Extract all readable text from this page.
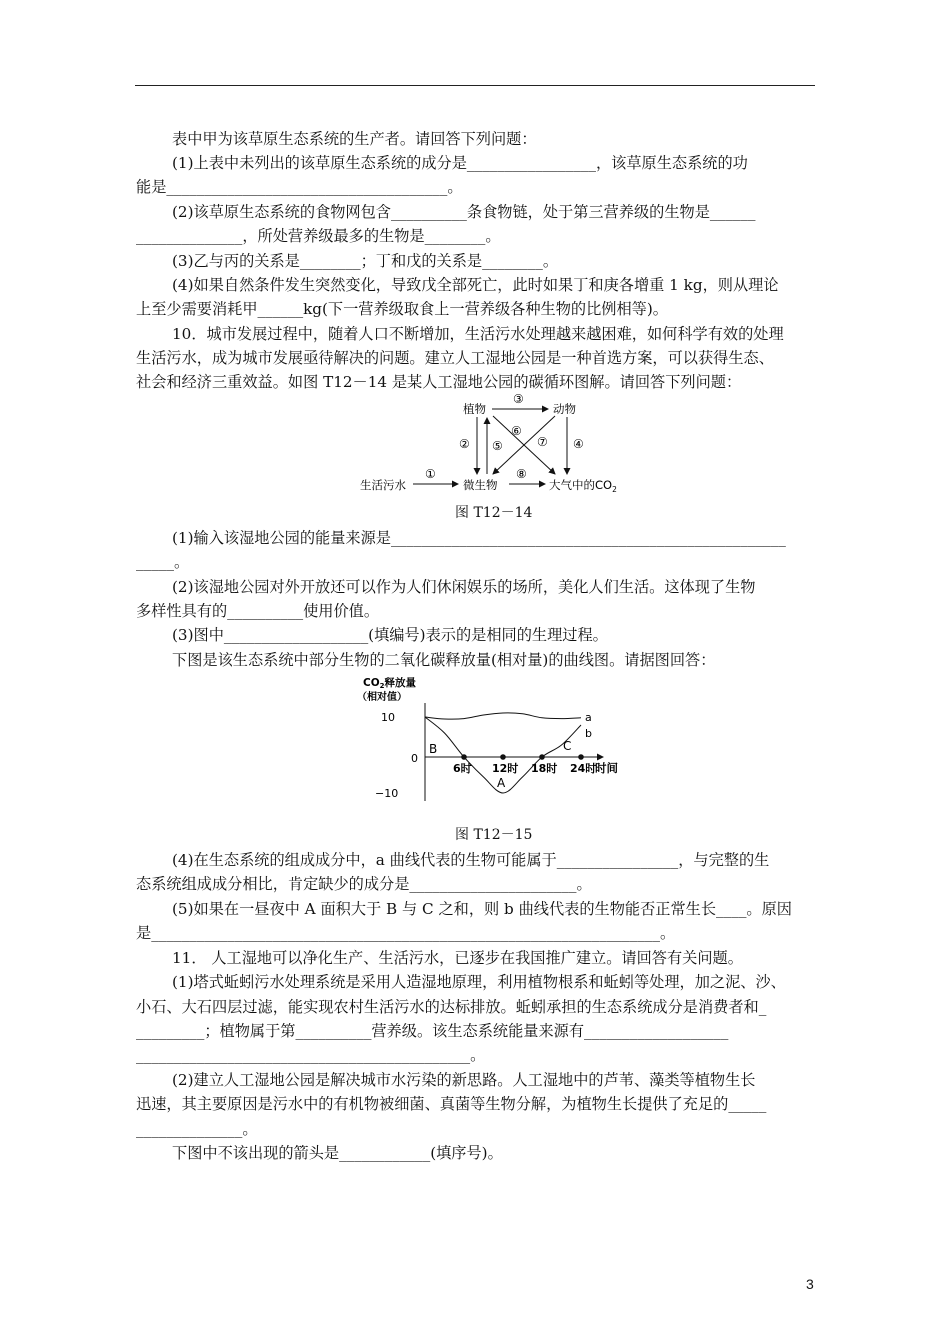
表中甲为该草原生态系统的生产者。请回答下列问题：
(1)上表中未列出的该草原生态系统的成分是_________________，该草原生态系统的功
能是_____________________________________。
(2)该草原生态系统的食物网包含__________条食物链，处于第三营养级的生物是______
______________，所处营养级最多的生物是________。
(3)乙与丙的关系是________；丁和戊的关系是________。
(4)如果自然条件发生突然变化，导致戊全部死亡，此时如果丁和庚各增重 1 kg，则从理论
上至少需要消耗甲______kg(下一营养级取食上一营养级各种生物的比例相等)。
10．城市发展过程中，随着人口不断增加，生活污水处理越来越困难，如何科学有效的处理
生活污水，成为城市发展亟待解决的问题。建立人工湿地公园是一种首选方案，可以获得生态、
社会和经济三重效益。如图 T12－14 是某人工湿地公园的碳循环图解。请回答下列问题：
植物	动物
生活污水	微生物	大气中的$CO_2$
③
② ⑤	④
⑥
⑦
①	⑧
图 T12－14
(1)输入该湿地公园的能量来源是____________________________________________________
_____。
(2)该湿地公园对外开放还可以作为人们休闲娱乐的场所，美化人们生活。这体现了生物
多样性具有的__________使用价值。
(3)图中___________________(填编号)表示的是相同的生理过程。
下图是该生态系统中部分生物的二氧化碳释放量(相对量)的曲线图。请据图回答：
CO2释放量
（相对值）
10
0
−10
a
b
B
A
C
6时 12时 18时 24时
时间
图 T12－15
(4)在生态系统的组成成分中，a 曲线代表的生物可能属于________________，与完整的生
态系统组成成分相比，肯定缺少的成分是______________________。
(5)如果在一昼夜中 A 面积大于 B 与 C 之和，则 b 曲线代表的生物能否正常生长____。原因
是___________________________________________________________________。
11． 人工湿地可以净化生产、生活污水，已逐步在我国推广建立。请回答有关问题。
(1)塔式蚯蚓污水处理系统是采用人造湿地原理，利用植物根系和蚯蚓等处理，加之泥、沙、
小石、大石四层过滤，能实现农村生活污水的达标排放。蚯蚓承担的生态系统成分是消费者和_
_________；植物属于第__________营养级。该生态系统能量来源有___________________
____________________________________________。
(2)建立人工湿地公园是解决城市水污染的新思路。人工湿地中的芦苇、藻类等植物生长
迅速，其主要原因是污水中的有机物被细菌、真菌等生物分解，为植物生长提供了充足的_____
______________。
下图中不该出现的箭头是____________(填序号)。
3
